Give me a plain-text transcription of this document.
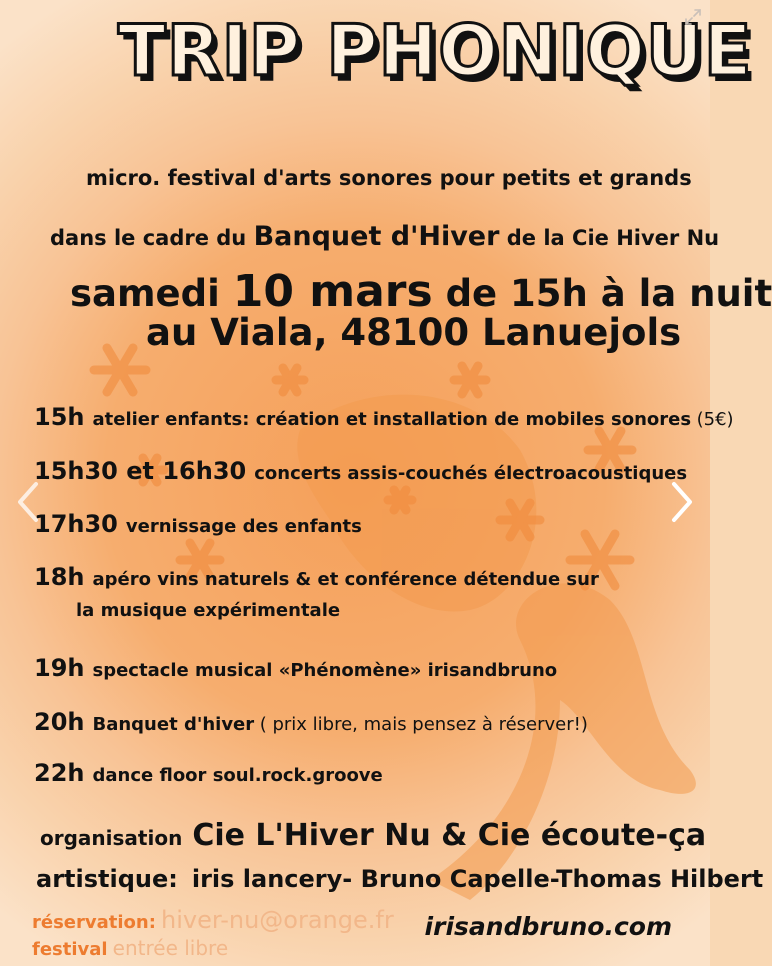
TRIP PHONIQUE
micro. festival d'arts sonores pour petits et grands
dans le cadre du Banquet d'Hiver de la Cie Hiver Nu
samedi 10 mars de 15h à la nuit
au Viala, 48100 Lanuejols
15h atelier enfants: création et installation de mobiles sonores (5€)
15h30 et 16h30 concerts assis-couchés électroacoustiques
17h30 vernissage des enfants
18h apéro vins naturels & et conférence détendue sur
la musique expérimentale
19h spectacle musical «Phénomène» irisandbruno
20h Banquet d'hiver ( prix libre, mais pensez à réserver!)
22h dance floor soul.rock.groove
organisation Cie L'Hiver Nu & Cie écoute-ça
artistique: iris lancery- Bruno Capelle-Thomas Hilbert
réservation: hiver-nu@orange.fr
festival entrée libre
irisandbruno.com
